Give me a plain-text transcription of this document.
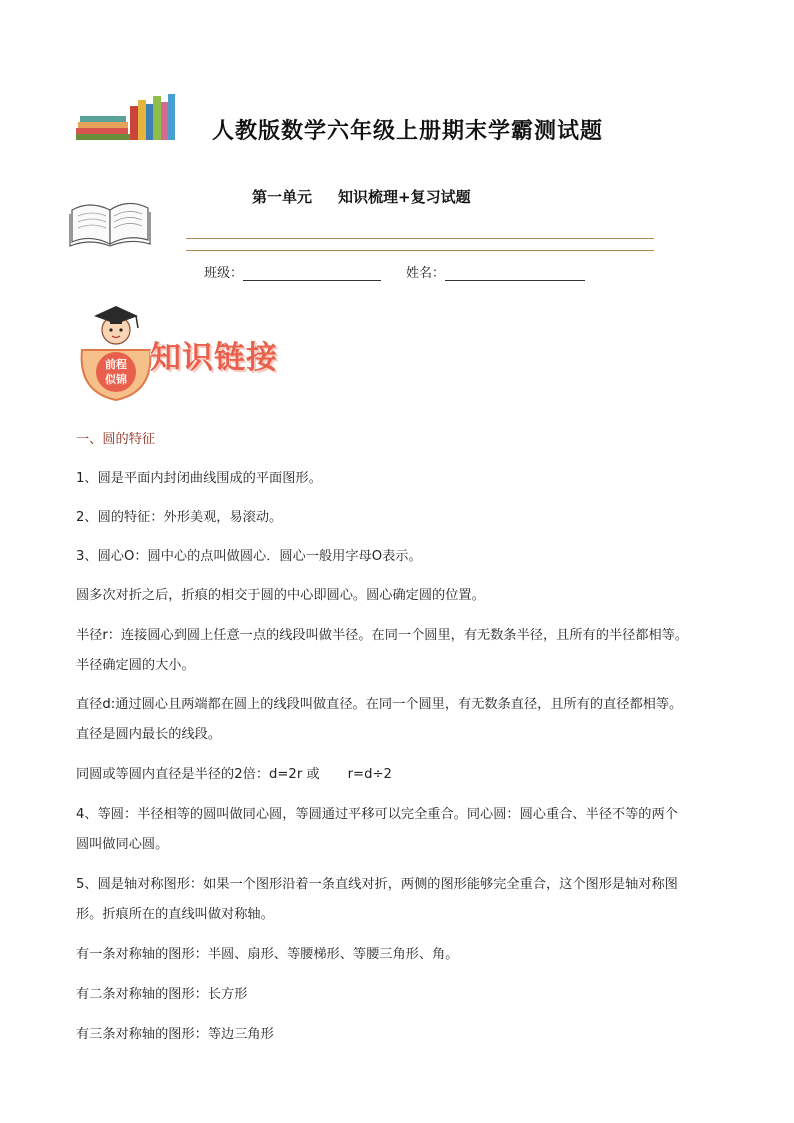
人教版数学六年级上册期末学霸测试题
第一单元 知识梳理+复习试题
班级：	姓名：
前程
似锦
知识链接
一、圆的特征
1、圆是平面内封闭曲线围成的平面图形。
2、圆的特征：外形美观，易滚动。
3、圆心O：圆中心的点叫做圆心．圆心一般用字母O表示。
圆多次对折之后，折痕的相交于圆的中心即圆心。圆心确定圆的位置。
半径r：连接圆心到圆上任意一点的线段叫做半径。在同一个圆里，有无数条半径，且所有的半径都相等。
半径确定圆的大小。
直径d:通过圆心且两端都在圆上的线段叫做直径。在同一个圆里，有无数条直径，且所有的直径都相等。
直径是圆内最长的线段。
同圆或等圆内直径是半径的2倍：d=2r 或 r=d÷2
4、等圆：半径相等的圆叫做同心圆，等圆通过平移可以完全重合。同心圆：圆心重合、半径不等的两个
圆叫做同心圆。
5、圆是轴对称图形：如果一个图形沿着一条直线对折，两侧的图形能够完全重合，这个图形是轴对称图
形。折痕所在的直线叫做对称轴。
有一条对称轴的图形：半圆、扇形、等腰梯形、等腰三角形、角。
有二条对称轴的图形：长方形
有三条对称轴的图形：等边三角形
